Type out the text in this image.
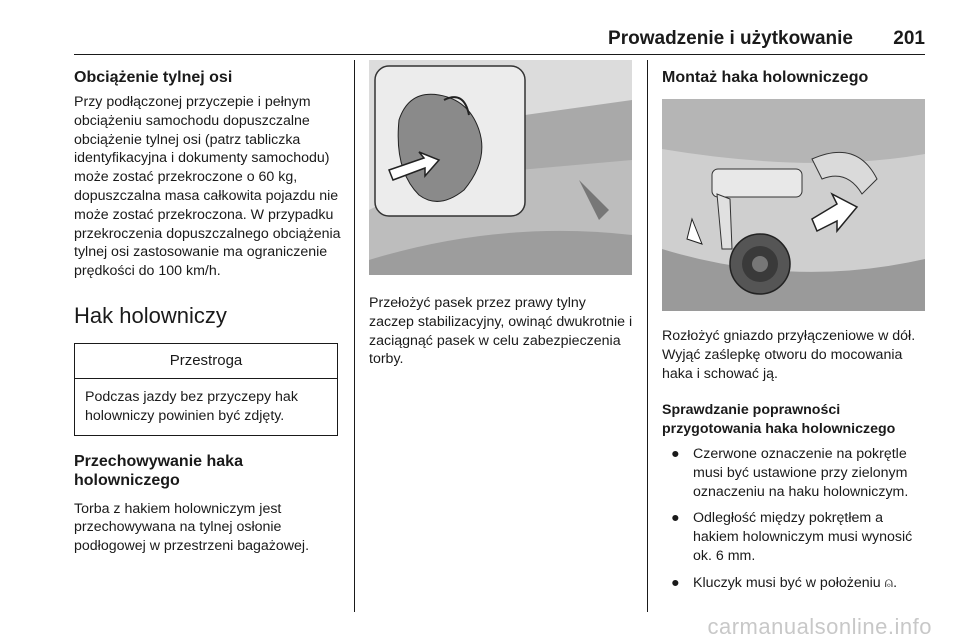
Prowadzenie i użytkowanie 201
Obciążenie tylnej osi

Przy podłączonej przyczepie i pełnym obciążeniu samochodu dopuszczalne obciążenie tylnej osi (patrz tabliczka identyfikacyjna i dokumenty samochodu) może zostać przekroczone o 60 kg, dopuszczalna masa całkowita pojazdu nie może zostać przekroczona. W przypadku przekroczenia dopuszczalnego obciążenia tylnej osi zastosowanie ma ograniczenie prędkości do 100 km/h.

Hak holowniczy
Przestroga
Podczas jazdy bez przyczepy hak holowniczy powinien być zdjęty.
Przechowywanie haka holowniczego

Torba z hakiem holowniczym jest przechowywana na tylnej osłonie podłogowej w przestrzeni bagażowej.

Przełożyć pasek przez prawy tylny zaczep stabilizacyjny, owinąć dwukrotnie i zaciągnąć pasek w celu zabezpieczenia torby.

Montaż haka holowniczego

Rozłożyć gniazdo przyłączeniowe w dół. Wyjąć zaślepkę otworu do mocowania haka i schować ją.

Sprawdzanie poprawności przygotowania haka holowniczego
● Czerwone oznaczenie na pokrętle musi być ustawione przy zielonym oznaczeniu na haku holowniczym.
● Odległość między pokrętłem a hakiem holowniczym musi wynosić ok. 6 mm.
● Kluczyk musi być w położeniu ⍝.
carmanualsonline.info
